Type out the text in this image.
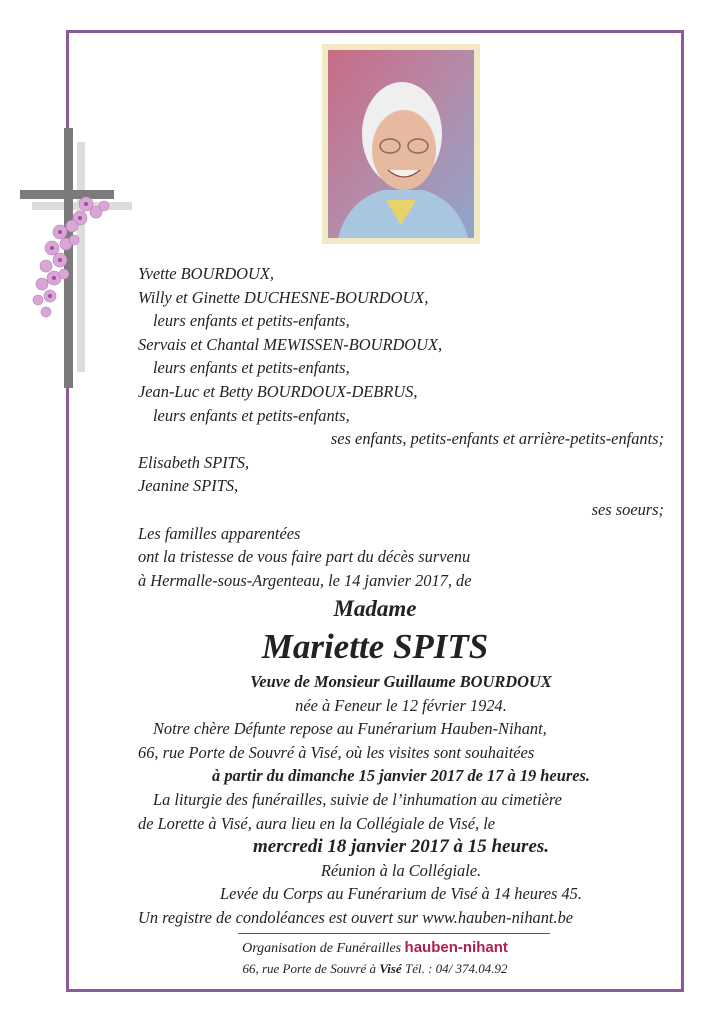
Yvette BOURDOUX,
Willy et Ginette DUCHESNE-BOURDOUX,
leurs enfants et petits-enfants,
Servais et Chantal MEWISSEN-BOURDOUX,
leurs enfants et petits-enfants,
Jean-Luc et Betty BOURDOUX-DEBRUS,
leurs enfants et petits-enfants,
ses enfants, petits-enfants et arrière-petits-enfants;
Elisabeth SPITS,
Jeanine SPITS,
ses soeurs;
Les familles apparentées
ont la tristesse de vous faire part du décès survenu
à Hermalle-sous-Argenteau, le 14 janvier 2017, de
Madame
Mariette SPITS
Veuve de Monsieur Guillaume BOURDOUX
née à Feneur le 12 février 1924.
Notre chère Défunte repose au Funérarium Hauben-Nihant,
66, rue Porte de Souvré à Visé, où les visites sont souhaitées
à partir du dimanche 15 janvier 2017 de 17 à 19 heures.
La liturgie des funérailles, suivie de l’inhumation au cimetière
de Lorette à Visé, aura lieu en la Collégiale de Visé, le
mercredi 18 janvier 2017 à 15 heures.
Réunion à la Collégiale.
Levée du Corps au Funérarium de Visé à 14 heures 45.
Un registre de condoléances est ouvert sur www.hauben-nihant.be
Organisation de Funérailles hauben-nihant
66, rue Porte de Souvré à Visé Tél. : 04/ 374.04.92
